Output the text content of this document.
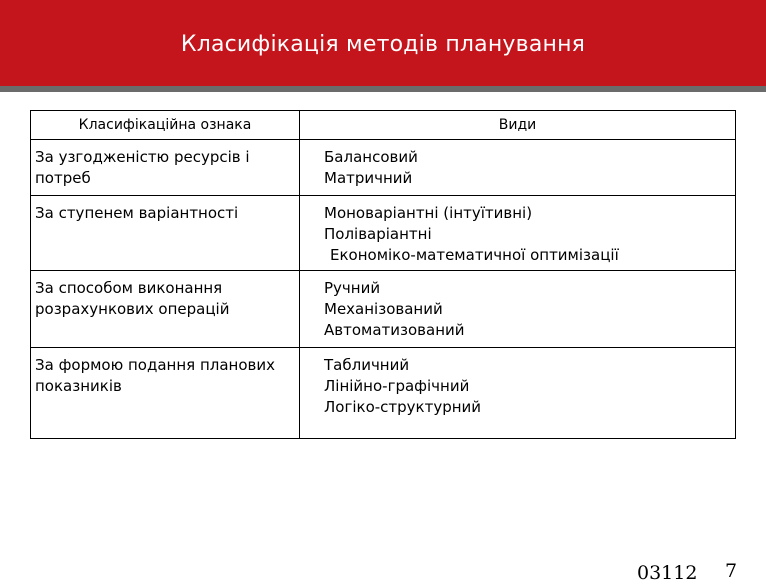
Класифікація методів планування
Класифікаційна ознака	Види

За узгодженістю ресурсів і потреб	Балансовий
Матричний

За ступенем варіантності	Моноваріантні (інтуїтивні)
Поліваріантні
Економіко-математичної оптимізації

За способом виконання розрахункових операцій	Ручний
Механізований
Автоматизований

За формою подання планових показників	Табличний
Лінійно-графічний
Логіко-структурний
03112 7
